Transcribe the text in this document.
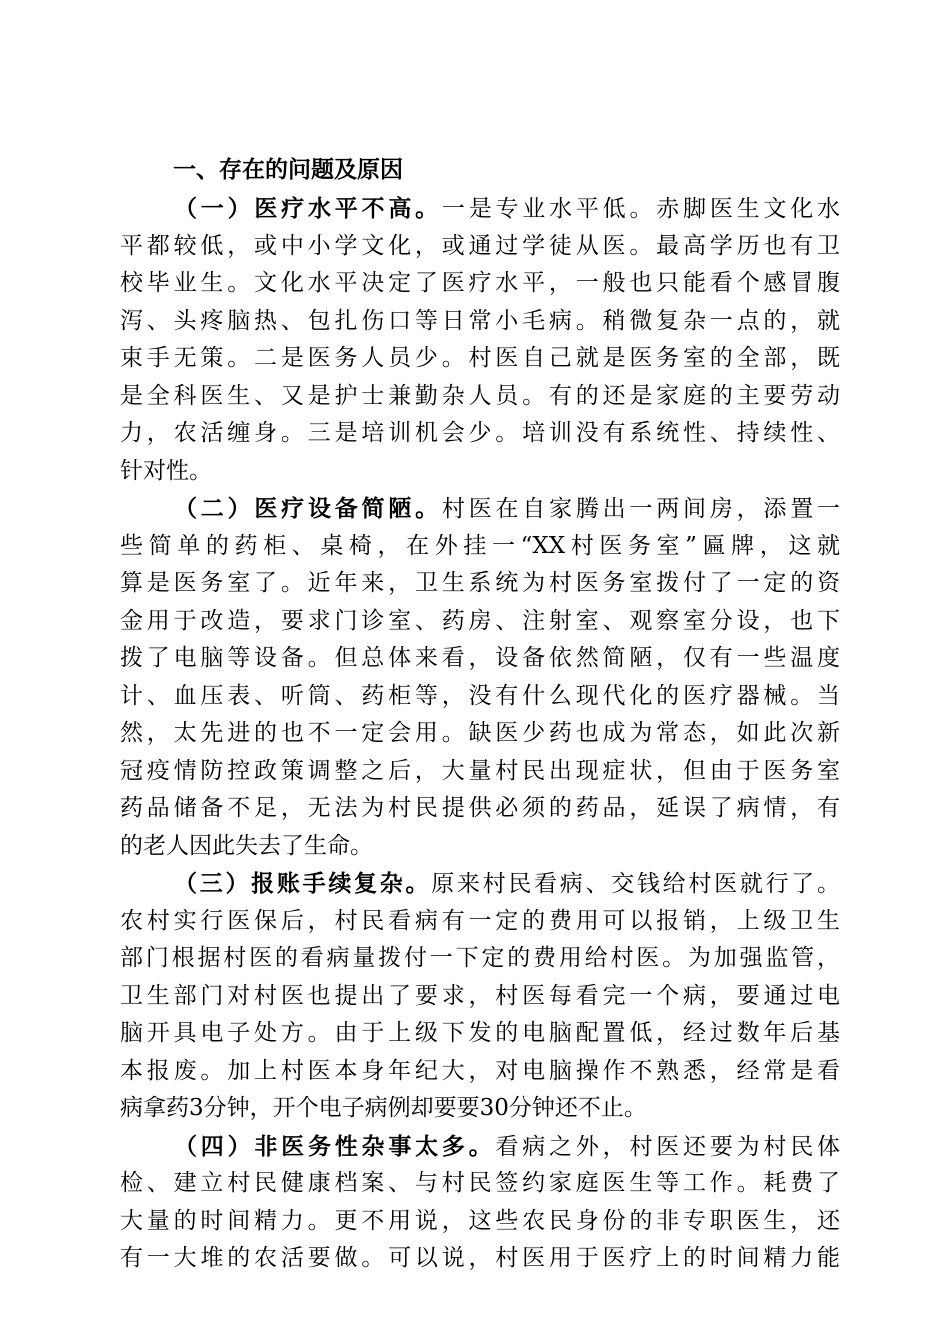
一、存在的问题及原因
（一）医疗水平不高。一是专业水平低。赤脚医生文化水
平都较低，或中小学文化，或通过学徒从医。最高学历也有卫
校毕业生。文化水平决定了医疗水平，一般也只能看个感冒腹
泻、头疼脑热、包扎伤口等日常小毛病。稍微复杂一点的，就
束手无策。二是医务人员少。村医自己就是医务室的全部，既
是全科医生、又是护士兼勤杂人员。有的还是家庭的主要劳动
力，农活缠身。三是培训机会少。培训没有系统性、持续性、
针对性。
（二）医疗设备简陋。村医在自家腾出一两间房，添置一
些简单的药柜、桌椅，在外挂一“XX村医务室”匾牌，这就
算是医务室了。近年来，卫生系统为村医务室拨付了一定的资
金用于改造，要求门诊室、药房、注射室、观察室分设，也下
拨了电脑等设备。但总体来看，设备依然简陋，仅有一些温度
计、血压表、听筒、药柜等，没有什么现代化的医疗器械。当
然，太先进的也不一定会用。缺医少药也成为常态，如此次新
冠疫情防控政策调整之后，大量村民出现症状，但由于医务室
药品储备不足，无法为村民提供必须的药品，延误了病情，有
的老人因此失去了生命。
（三）报账手续复杂。原来村民看病、交钱给村医就行了。
农村实行医保后，村民看病有一定的费用可以报销，上级卫生
部门根据村医的看病量拨付一下定的费用给村医。为加强监管，
卫生部门对村医也提出了要求，村医每看完一个病，要通过电
脑开具电子处方。由于上级下发的电脑配置低，经过数年后基
本报废。加上村医本身年纪大，对电脑操作不熟悉，经常是看
病拿药3分钟，开个电子病例却要要30分钟还不止。
（四）非医务性杂事太多。看病之外，村医还要为村民体
检、建立村民健康档案、与村民签约家庭医生等工作。耗费了
大量的时间精力。更不用说，这些农民身份的非专职医生，还
有一大堆的农活要做。可以说，村医用于医疗上的时间精力能
